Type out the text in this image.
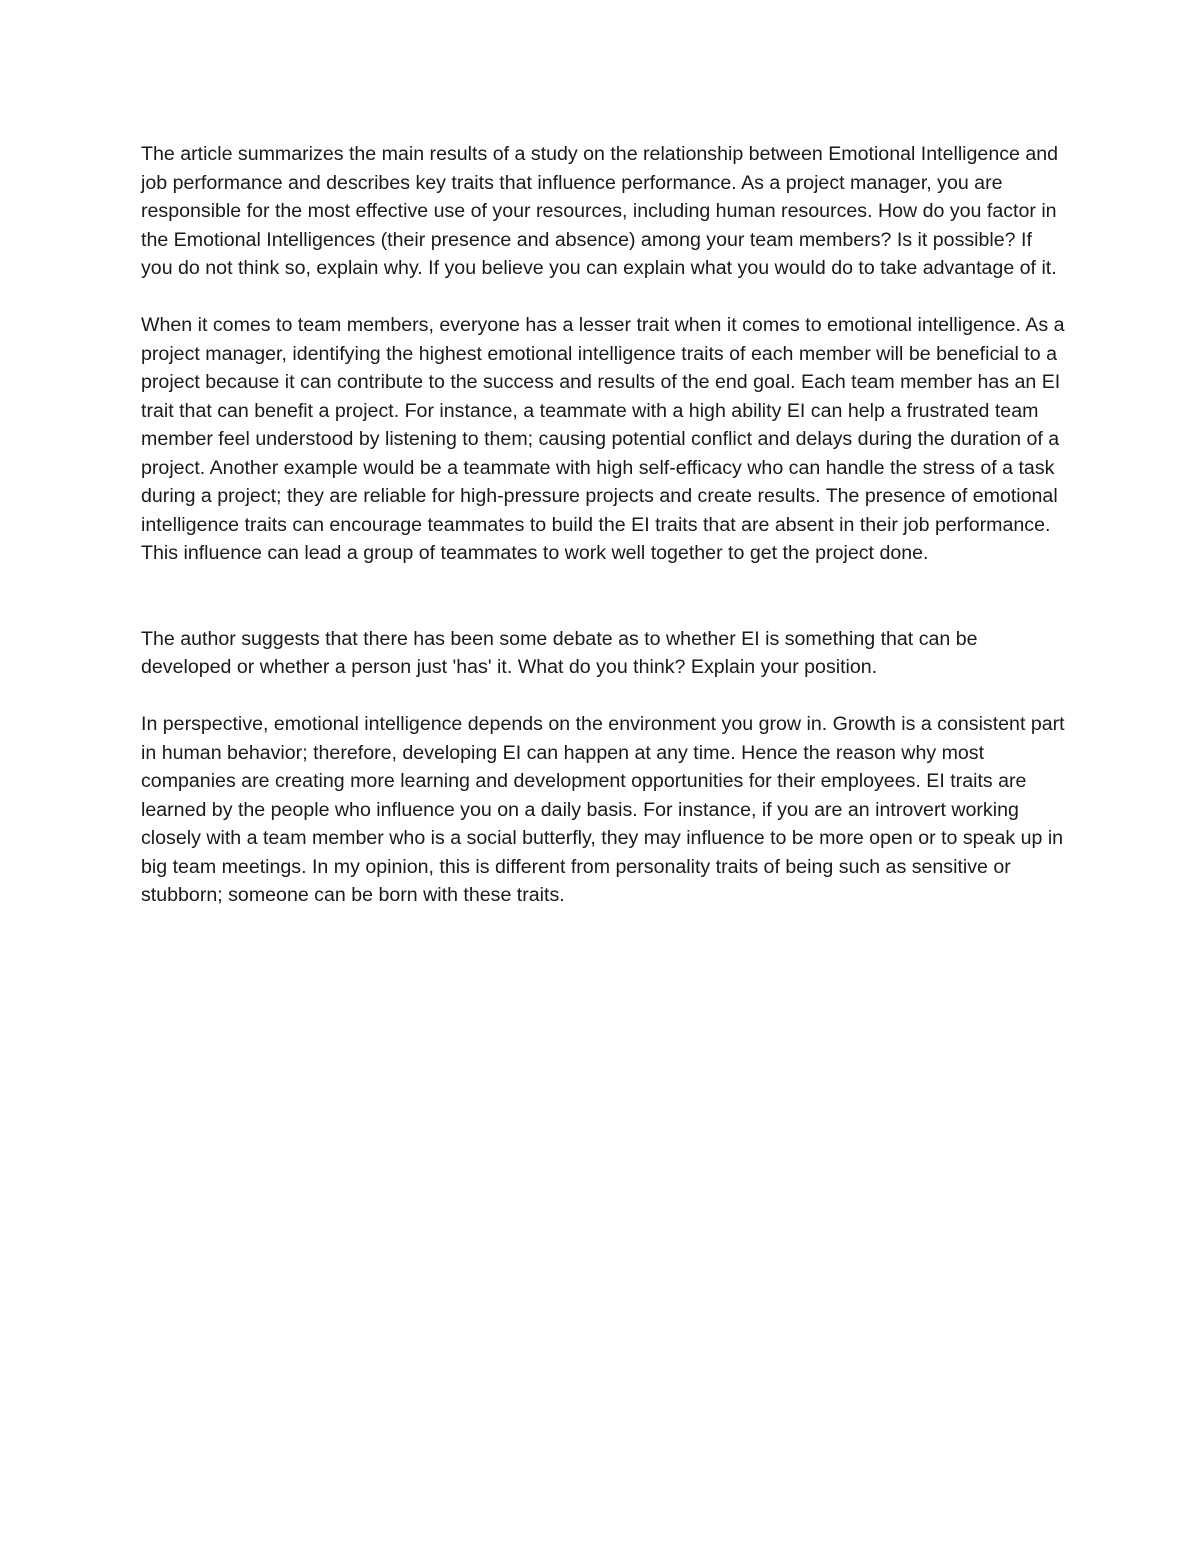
The article summarizes the main results of a study on the relationship between Emotional Intelligence and job performance and describes key traits that influence performance. As a project manager, you are responsible for the most effective use of your resources, including human resources. How do you factor in the Emotional Intelligences (their presence and absence) among your team members? Is it possible? If you do not think so, explain why. If you believe you can explain what you would do to take advantage of it.

When it comes to team members, everyone has a lesser trait when it comes to emotional intelligence. As a project manager, identifying the highest emotional intelligence traits of each member will be beneficial to a project because it can contribute to the success and results of the end goal. Each team member has an EI trait that can benefit a project. For instance, a teammate with a high ability EI can help a frustrated team member feel understood by listening to them; causing potential conflict and delays during the duration of a project. Another example would be a teammate with high self-efficacy who can handle the stress of a task during a project; they are reliable for high-pressure projects and create results. The presence of emotional intelligence traits can encourage teammates to build the EI traits that are absent in their job performance. This influence can lead a group of teammates to work well together to get the project done.

The author suggests that there has been some debate as to whether EI is something that can be developed or whether a person just 'has' it. What do you think? Explain your position.

In perspective, emotional intelligence depends on the environment you grow in. Growth is a consistent part in human behavior; therefore, developing EI can happen at any time. Hence the reason why most companies are creating more learning and development opportunities for their employees. EI traits are learned by the people who influence you on a daily basis. For instance, if you are an introvert working closely with a team member who is a social butterfly, they may influence to be more open or to speak up in big team meetings. In my opinion, this is different from personality traits of being such as sensitive or stubborn; someone can be born with these traits.
